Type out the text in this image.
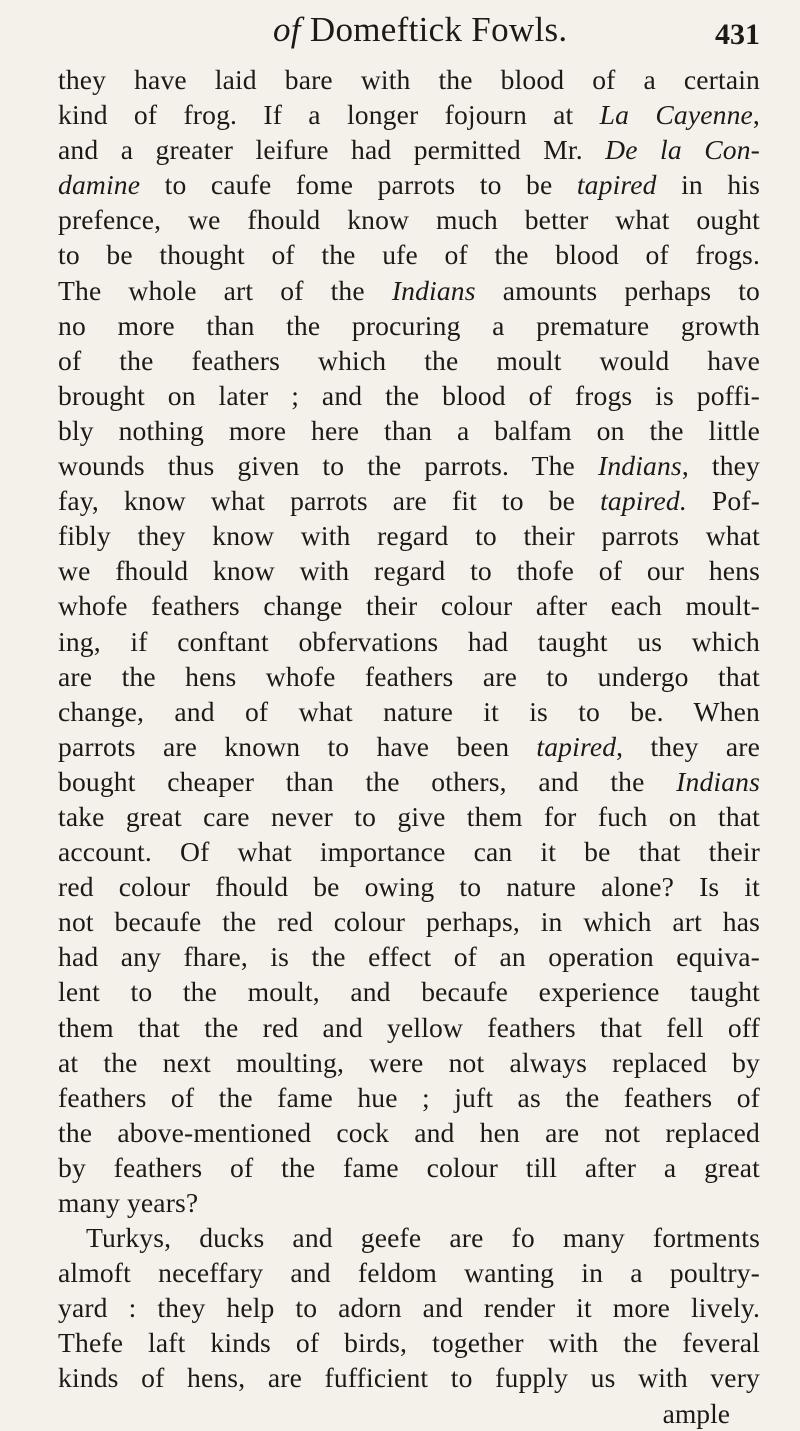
of Domeftick Fowls.	431
they have laid bare with the blood of a certain
kind of frog. If a longer fojourn at La Cayenne,
and a greater leifure had permitted Mr. De la Con-
damine to caufe fome parrots to be tapired in his
prefence, we fhould know much better what ought
to be thought of the ufe of the blood of frogs.
The whole art of the Indians amounts perhaps to
no more than the procuring a premature growth
of the feathers which the moult would have
brought on later ; and the blood of frogs is poffi-
bly nothing more here than a balfam on the little
wounds thus given to the parrots. The Indians, they
fay, know what parrots are fit to be tapired. Pof-
fibly they know with regard to their parrots what
we fhould know with regard to thofe of our hens
whofe feathers change their colour after each moult-
ing, if conftant obfervations had taught us which
are the hens whofe feathers are to undergo that
change, and of what nature it is to be. When
parrots are known to have been tapired, they are
bought cheaper than the others, and the Indians
take great care never to give them for fuch on that
account. Of what importance can it be that their
red colour fhould be owing to nature alone? Is it
not becaufe the red colour perhaps, in which art has
had any fhare, is the effect of an operation equiva-
lent to the moult, and becaufe experience taught
them that the red and yellow feathers that fell off
at the next moulting, were not always replaced by
feathers of the fame hue ; juft as the feathers of
the above-mentioned cock and hen are not replaced
by feathers of the fame colour till after a great
many years?
Turkys, ducks and geefe are fo many fortments
almoft neceffary and feldom wanting in a poultry-
yard : they help to adorn and render it more lively.
Thefe laft kinds of birds, together with the feveral
kinds of hens, are fufficient to fupply us with very
ample
